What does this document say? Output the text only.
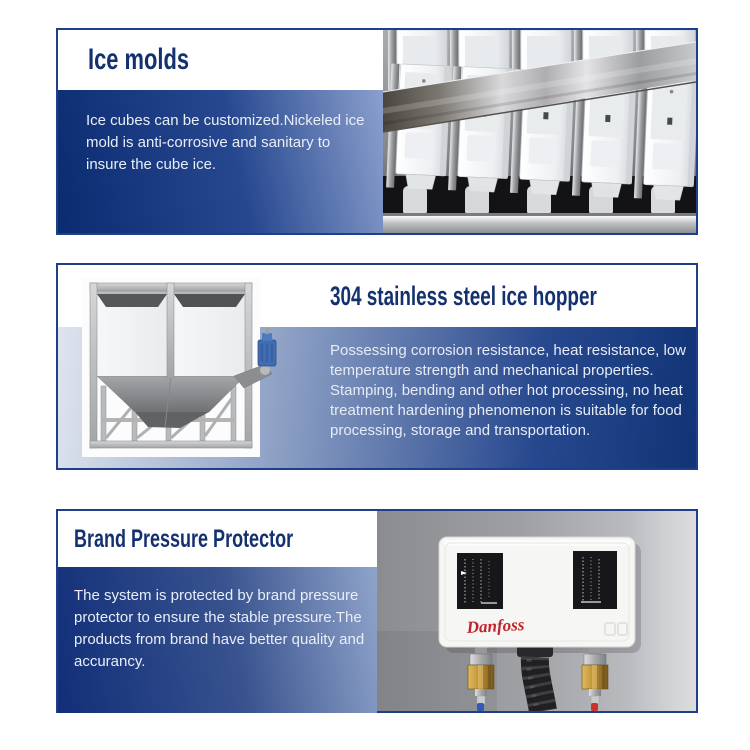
Ice molds

Ice cubes can be customized.Nickeled ice mold is anti-corrosive and sanitary to insure the cube ice.

304 stainless steel ice hopper

Possessing corrosion resistance, heat resistance, low temperature strength and mechanical properties. Stamping, bending and other hot processing, no heat treatment hardening phenomenon is suitable for food processing, storage and transportation.

Brand Pressure Protector

The system is protected by brand pressure protector to ensure the stable pressure.The products from brand have better quality and accurancy.

Danfoss
